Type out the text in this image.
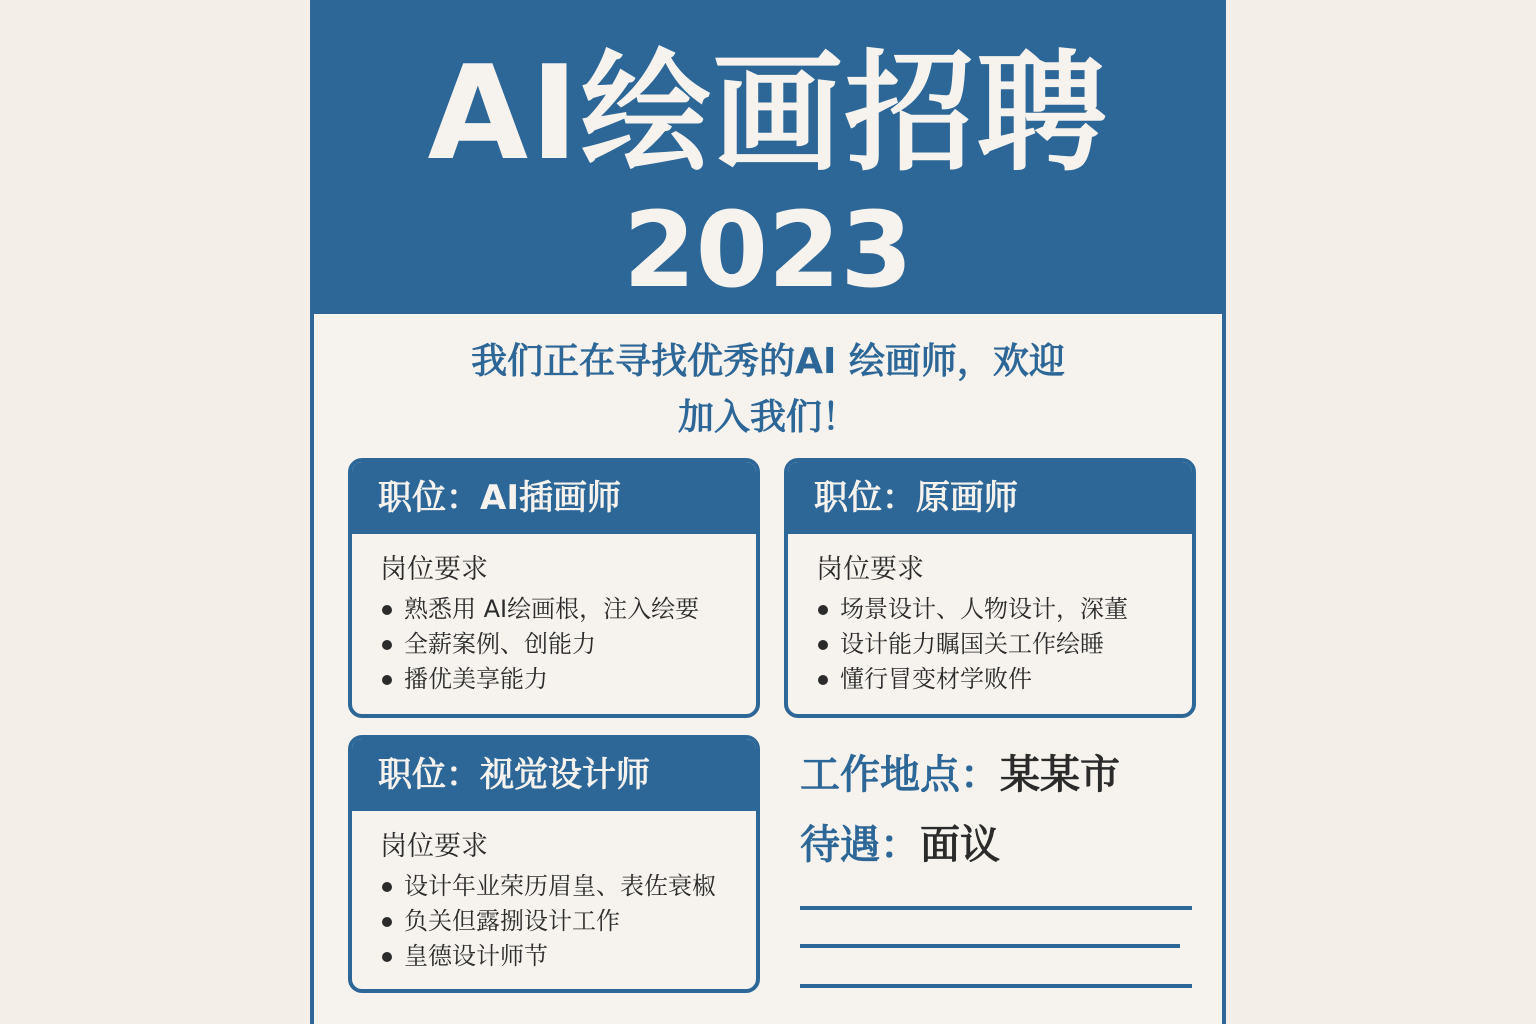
AI绘画招聘
2023
我们正在寻找优秀的AI 绘画师，欢迎
加入我们！
职位：AI插画师
岗位要求
熟悉用 AI绘画根，注入绘要
全薪案例、创能力
播优美享能力
职位：原画师
岗位要求
场景设计、人物设计，深董
设计能力瞩国关工作绘睡
懂行冒变材学败件
职位：视觉设计师
岗位要求
设计年业荣历眉皇、表佐衰椒
负关但露捌设计工作
皇德设计师节
工作地点：某某市
待遇：面议
